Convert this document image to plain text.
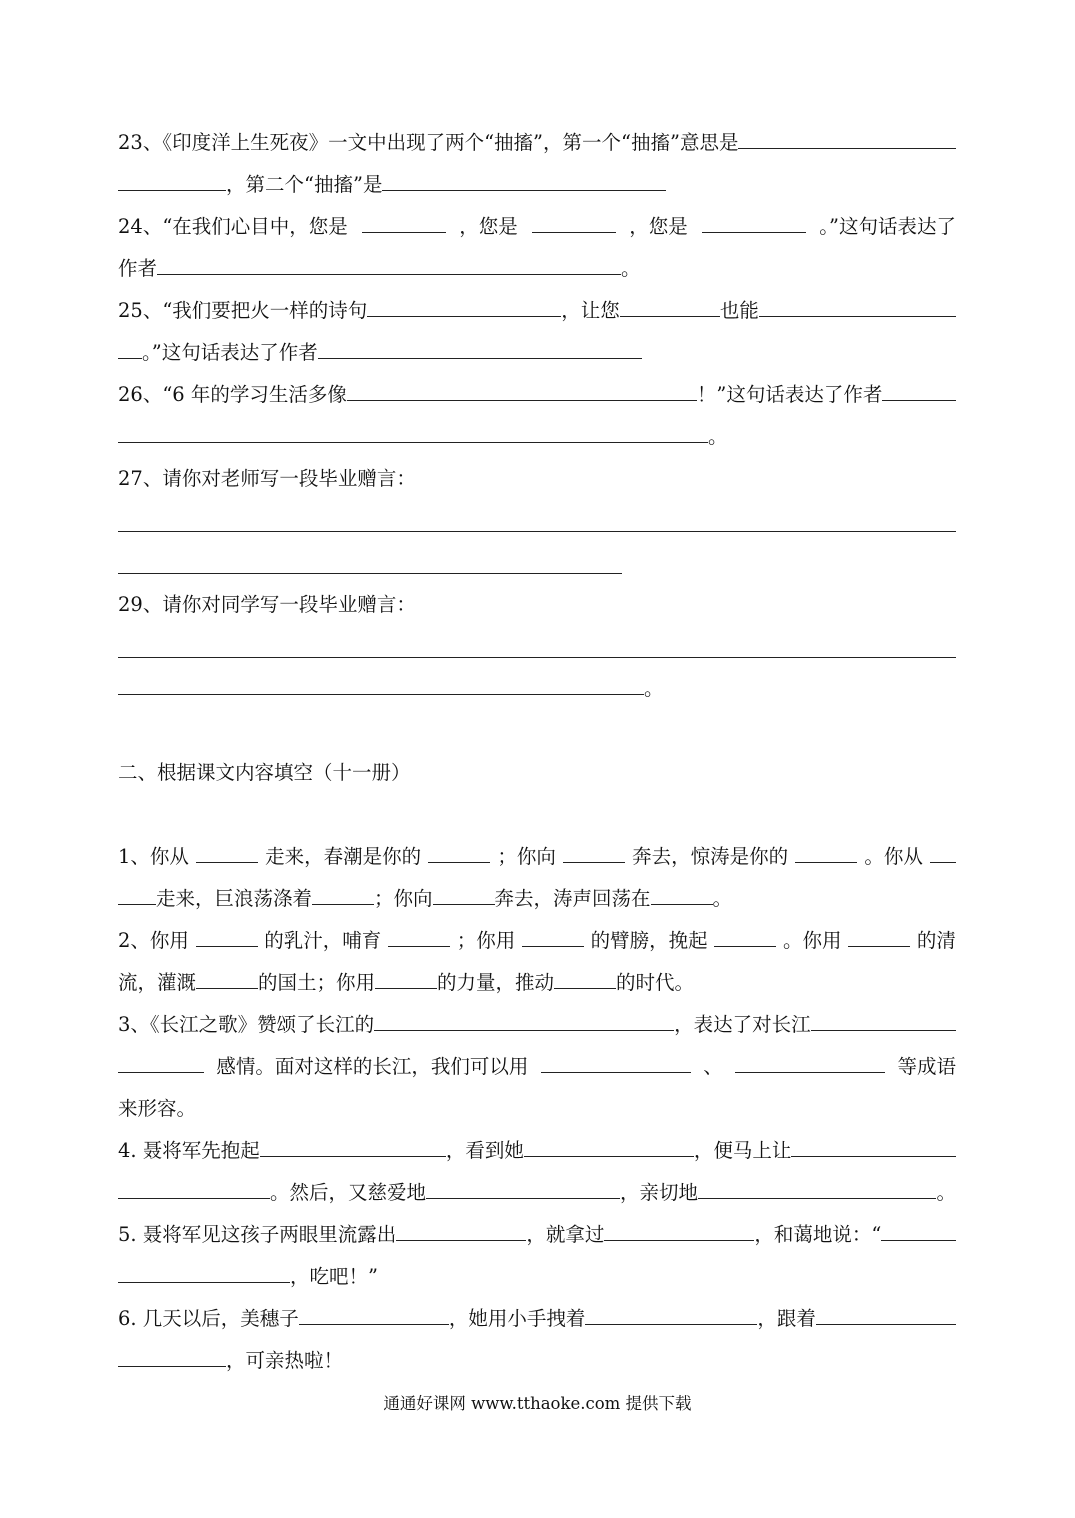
23、《印度洋上生死夜》一文中出现了两个“抽搐”，第一个“抽搐”意思是
，第二个“抽搐”是
24、“在我们心目中，您是	，您是	，您是	。”这句话表达了
作者	。
25、“我们要把火一样的诗句	，让您	也能
。”这句话表达了作者
26、“6 年的学习生活多像	！”这句话表达了作者
。
27、请你对老师写一段毕业赠言：
29、请你对同学写一段毕业赠言：
。
二、根据课文内容填空（十一册）
1、你从	走来，春潮是你的	；你向	奔去，惊涛是你的	。你从
走来，巨浪荡涤着	；你向	奔去，涛声回荡在	。
2、你用	的乳汁，哺育	；你用	的臂膀，挽起	。你用	的清
流，灌溉	的国土；你用	的力量，推动	的时代。
3、《长江之歌》赞颂了长江的	，表达了对长江
感情。面对这样的长江，我们可以用	、	等成语
来形容。
4. 聂将军先抱起	，看到她	，便马上让
。然后，又慈爱地	，亲切地	。
5. 聂将军见这孩子两眼里流露出	，就拿过	，和蔼地说：“
，吃吧！”
6. 几天以后，美穗子	，她用小手拽着	，跟着
，可亲热啦！
通通好课网 www.tthaoke.com 提供下载
